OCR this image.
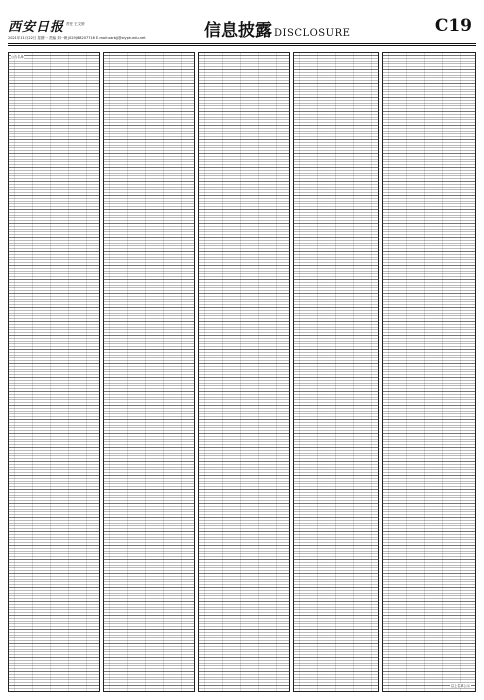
西安日报 责任 王文婷
2021年11月22日 星期一 责编 刘一帆(029)88207716 E-mail:xarbjj@xiyph.edu.net	信息披露 DISCLOSURE	C19
公告名单
以上名单公示
